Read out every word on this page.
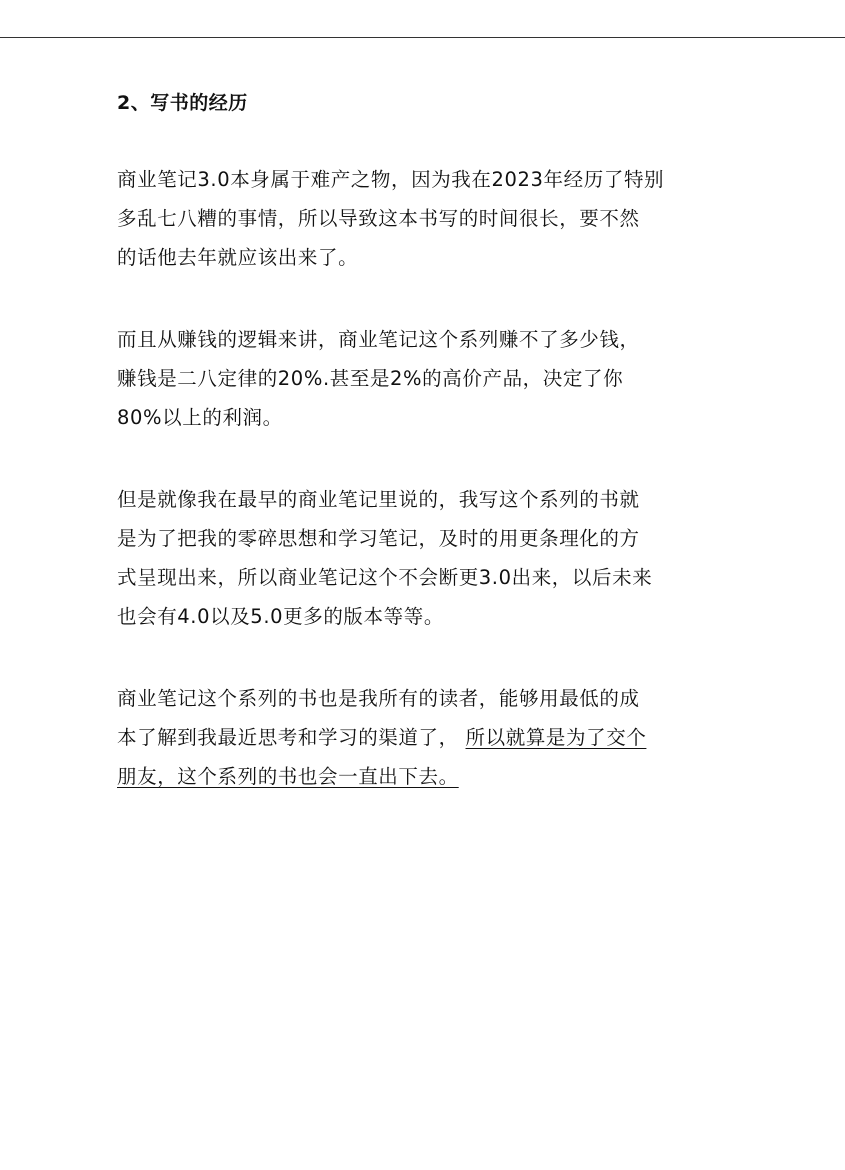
2、写书的经历
商业笔记3.0本身属于难产之物，因为我在2023年经历了特别
多乱七八糟的事情，所以导致这本书写的时间很长，要不然
的话他去年就应该出来了。
而且从赚钱的逻辑来讲，商业笔记这个系列赚不了多少钱，
赚钱是二八定律的20%.甚至是2%的高价产品，决定了你
80%以上的利润。
但是就像我在最早的商业笔记里说的，我写这个系列的书就
是为了把我的零碎思想和学习笔记，及时的用更条理化的方
式呈现出来，所以商业笔记这个不会断更3.0出来，以后未来
也会有4.0以及5.0更多的版本等等。
商业笔记这个系列的书也是我所有的读者，能够用最低的成
本了解到我最近思考和学习的渠道了， 所以就算是为了交个
朋友，这个系列的书也会一直出下去。
